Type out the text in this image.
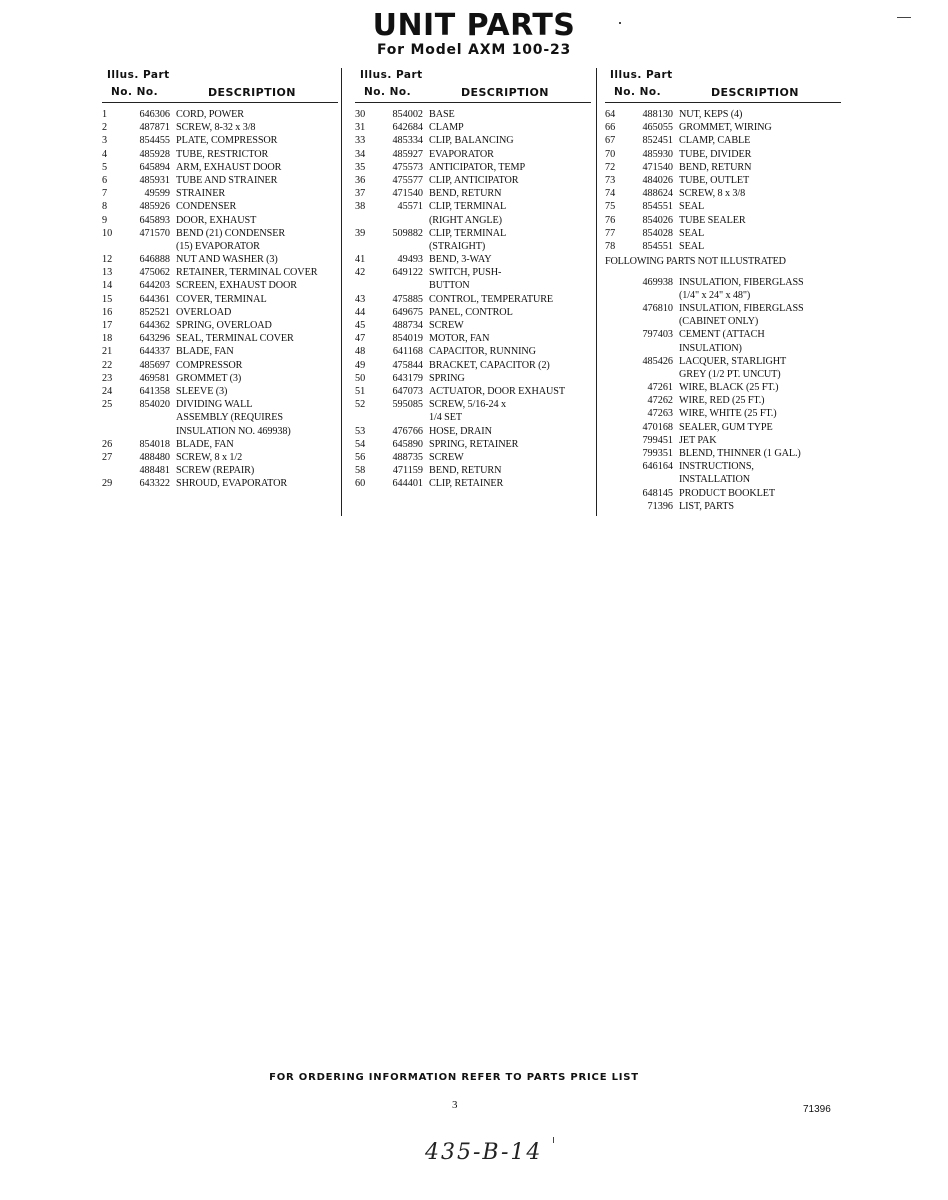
UNIT PARTS
For Model AXM 100-23
Illus. Part
No. No.	DESCRIPTION
1	646306 CORD, POWER
2	487871 SCREW, 8-32 x 3/8
3	854455 PLATE, COMPRESSOR
4	485928 TUBE, RESTRICTOR
5	645894 ARM, EXHAUST DOOR
6	485931 TUBE AND STRAINER
7	49599 STRAINER
8	485926 CONDENSER
9	645893 DOOR, EXHAUST
10	471570 BEND (21) CONDENSER
(15) EVAPORATOR
12	646888 NUT AND WASHER (3)
13	475062 RETAINER, TERMINAL COVER
14	644203 SCREEN, EXHAUST DOOR
15	644361 COVER, TERMINAL
16	852521 OVERLOAD
17	644362 SPRING, OVERLOAD
18	643296 SEAL, TERMINAL COVER
21	644337 BLADE, FAN
22	485697 COMPRESSOR
23	469581 GROMMET (3)
24	641358 SLEEVE (3)
25	854020 DIVIDING WALL
ASSEMBLY (REQUIRES
INSULATION NO. 469938)
26	854018 BLADE, FAN
27	488480 SCREW, 8 x 1/2
488481 SCREW (REPAIR)
29	643322 SHROUD, EVAPORATOR
Illus. Part
No. No.	DESCRIPTION
30	854002 BASE
31	642684 CLAMP
33	485334 CLIP, BALANCING
34	485927 EVAPORATOR
35	475573 ANTICIPATOR, TEMP
36	475577 CLIP, ANTICIPATOR
37	471540 BEND, RETURN
38	45571 CLIP, TERMINAL
(RIGHT ANGLE)
39	509882 CLIP, TERMINAL
(STRAIGHT)
41	49493 BEND, 3-WAY
42	649122 SWITCH, PUSH-
BUTTON
43	475885 CONTROL, TEMPERATURE
44	649675 PANEL, CONTROL
45	488734 SCREW
47	854019 MOTOR, FAN
48	641168 CAPACITOR, RUNNING
49	475844 BRACKET, CAPACITOR (2)
50	643179 SPRING
51	647073 ACTUATOR, DOOR EXHAUST
52	595085 SCREW, 5/16-24 x
1/4 SET
53	476766 HOSE, DRAIN
54	645890 SPRING, RETAINER
56	488735 SCREW
58	471159 BEND, RETURN
60	644401 CLIP, RETAINER
Illus. Part
No. No.	DESCRIPTION
64	488130 NUT, KEPS (4)
66	465055 GROMMET, WIRING
67	852451 CLAMP, CABLE
70	485930 TUBE, DIVIDER
72	471540 BEND, RETURN
73	484026 TUBE, OUTLET
74	488624 SCREW, 8 x 3/8
75	854551 SEAL
76	854026 TUBE SEALER
77	854028 SEAL
78	854551 SEAL
FOLLOWING PARTS NOT ILLUSTRATED
469938 INSULATION, FIBERGLASS
(1/4" x 24" x 48")
476810 INSULATION, FIBERGLASS
(CABINET ONLY)
797403 CEMENT (ATTACH
INSULATION)
485426 LACQUER, STARLIGHT
GREY (1/2 PT. UNCUT)
47261 WIRE, BLACK (25 FT.)
47262 WIRE, RED (25 FT.)
47263 WIRE, WHITE (25 FT.)
470168 SEALER, GUM TYPE
799451 JET PAK
799351 BLEND, THINNER (1 GAL.)
646164 INSTRUCTIONS,
INSTALLATION
648145 PRODUCT BOOKLET
71396 LIST, PARTS
FOR ORDERING INFORMATION REFER TO PARTS PRICE LIST
3	71396
435-B-14
